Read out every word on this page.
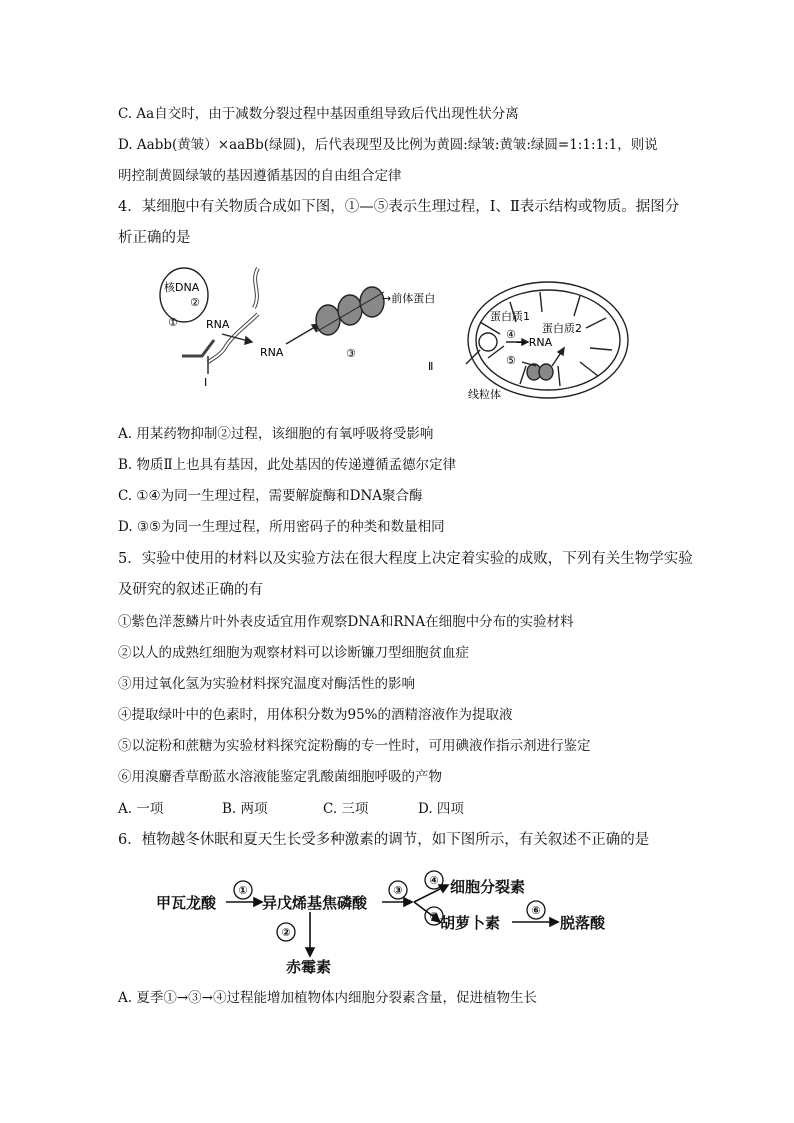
C. Aa自交时，由于减数分裂过程中基因重组导致后代出现性状分离
D. Aabb(黄皱）×aaBb(绿圆)，后代表现型及比例为黄圆:绿皱:黄皱:绿圆=1:1:1:1，则说
明控制黄圆绿皱的基因遵循基因的自由组合定律
4．某细胞中有关物质合成如下图，①—⑤表示生理过程，Ⅰ、Ⅱ表示结构或物质。据图分
析正确的是
核DNA
②
①	RNA
RNA
I
③
→前体蛋白
蛋白质1
④
→ RNA
蛋白质2
⑤
Ⅱ
线粒体
A. 用某药物抑制②过程，该细胞的有氧呼吸将受影响
B. 物质Ⅱ上也具有基因，此处基因的传递遵循孟德尔定律
C. ①④为同一生理过程，需要解旋酶和DNA聚合酶
D. ③⑤为同一生理过程，所用密码子的种类和数量相同
5．实验中使用的材料以及实验方法在很大程度上决定着实验的成败，下列有关生物学实验
及研究的叙述正确的有
①紫色洋葱鳞片叶外表皮适宜用作观察DNA和RNA在细胞中分布的实验材料
②以人的成熟红细胞为观察材料可以诊断镰刀型细胞贫血症
③用过氧化氢为实验材料探究温度对酶活性的影响
④提取绿叶中的色素时，用体积分数为95%的酒精溶液作为提取液
⑤以淀粉和蔗糖为实验材料探究淀粉酶的专一性时，可用碘液作指示剂进行鉴定
⑥用溴麝香草酚蓝水溶液能鉴定乳酸菌细胞呼吸的产物
A. 一项	B. 两项	C. 三项	D. 四项
6．植物越冬休眠和夏天生长受多种激素的调节，如下图所示，有关叙述不正确的是
甲瓦龙酸	异戊烯基焦磷酸
细胞分裂素
胡萝卜素	脱落酸
赤霉素
①	③
④
⑤	⑥
②
A. 夏季①→③→④过程能增加植物体内细胞分裂素含量，促进植物生长
